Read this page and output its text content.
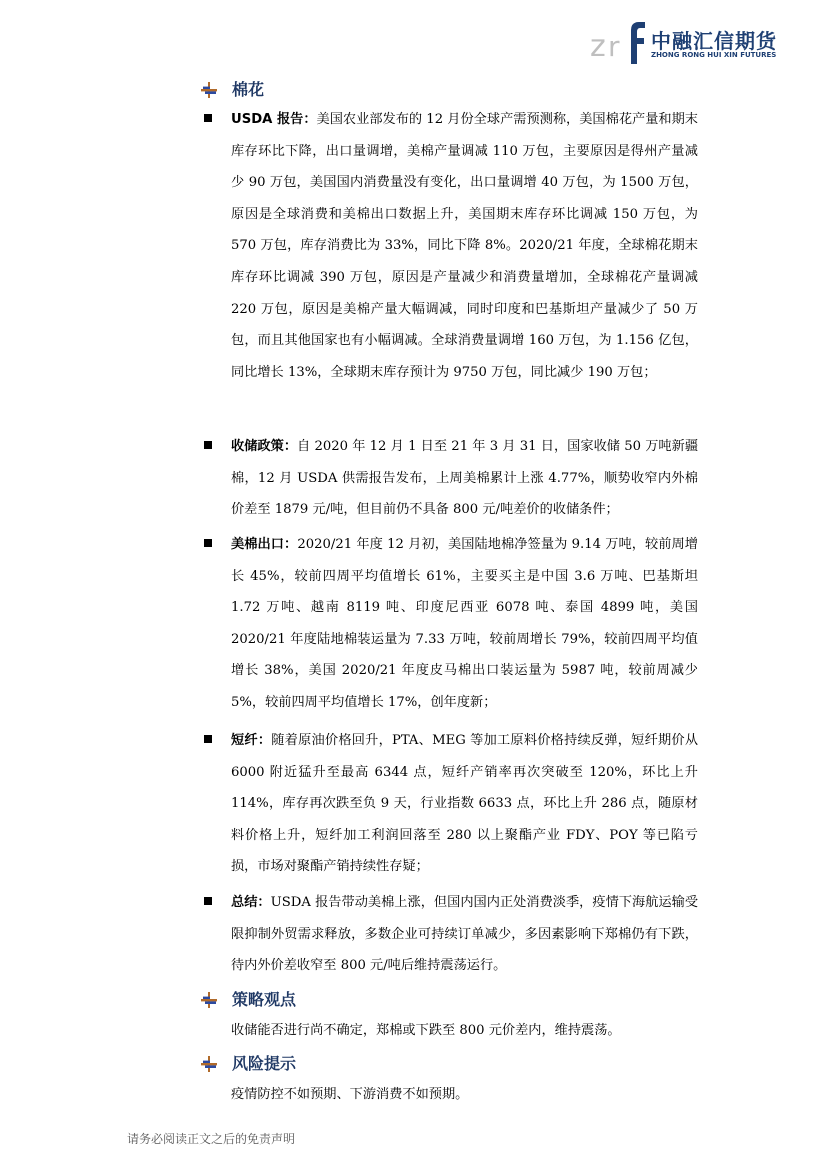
z r 中融汇信期货
ZHONG RONG HUI XIN FUTURES
棉花
USDA 报告：美国农业部发布的 12 月份全球产需预测称，美国棉花产量和期末库存环比下降，出口量调增，美棉产量调减 110 万包，主要原因是得州产量减少 90 万包，美国国内消费量没有变化，出口量调增 40 万包，为 1500 万包，原因是全球消费和美棉出口数据上升，美国期末库存环比调减 150 万包，为 570 万包，库存消费比为 33%，同比下降 8%。2020/21 年度，全球棉花期末库存环比调减 390 万包，原因是产量减少和消费量增加，全球棉花产量调减 220 万包，原因是美棉产量大幅调减，同时印度和巴基斯坦产量减少了 50 万包，而且其他国家也有小幅调减。全球消费量调增 160 万包，为 1.156 亿包，同比增长 13%，全球期末库存预计为 9750 万包，同比减少 190 万包；
收储政策：自 2020 年 12 月 1 日至 21 年 3 月 31 日，国家收储 50 万吨新疆棉，12 月 USDA 供需报告发布，上周美棉累计上涨 4.77%，顺势收窄内外棉价差至 1879 元/吨，但目前仍不具备 800 元/吨差价的收储条件；
美棉出口：2020/21 年度 12 月初，美国陆地棉净签量为 9.14 万吨，较前周增长 45%，较前四周平均值增长 61%，主要买主是中国 3.6 万吨、巴基斯坦 1.72 万吨、越南 8119 吨、印度尼西亚 6078 吨、泰国 4899 吨，美国 2020/21 年度陆地棉装运量为 7.33 万吨，较前周增长 79%，较前四周平均值增长 38%，美国 2020/21 年度皮马棉出口装运量为 5987 吨，较前周减少 5%，较前四周平均值增长 17%，创年度新；
短纤：随着原油价格回升，PTA、MEG 等加工原料价格持续反弹，短纤期价从 6000 附近猛升至最高 6344 点，短纤产销率再次突破至 120%，环比上升 114%，库存再次跌至负 9 天，行业指数 6633 点，环比上升 286 点，随原材料价格上升，短纤加工利润回落至 280 以上聚酯产业 FDY、POY 等已陷亏损，市场对聚酯产销持续性存疑；
总结：USDA 报告带动美棉上涨，但国内国内正处消费淡季，疫情下海航运输受限抑制外贸需求释放，多数企业可持续订单减少，多因素影响下郑棉仍有下跌，待内外价差收窄至 800 元/吨后维持震荡运行。
策略观点
收储能否进行尚不确定，郑棉或下跌至 800 元价差内，维持震荡。
风险提示
疫情防控不如预期、下游消费不如预期。
请务必阅读正文之后的免责声明
